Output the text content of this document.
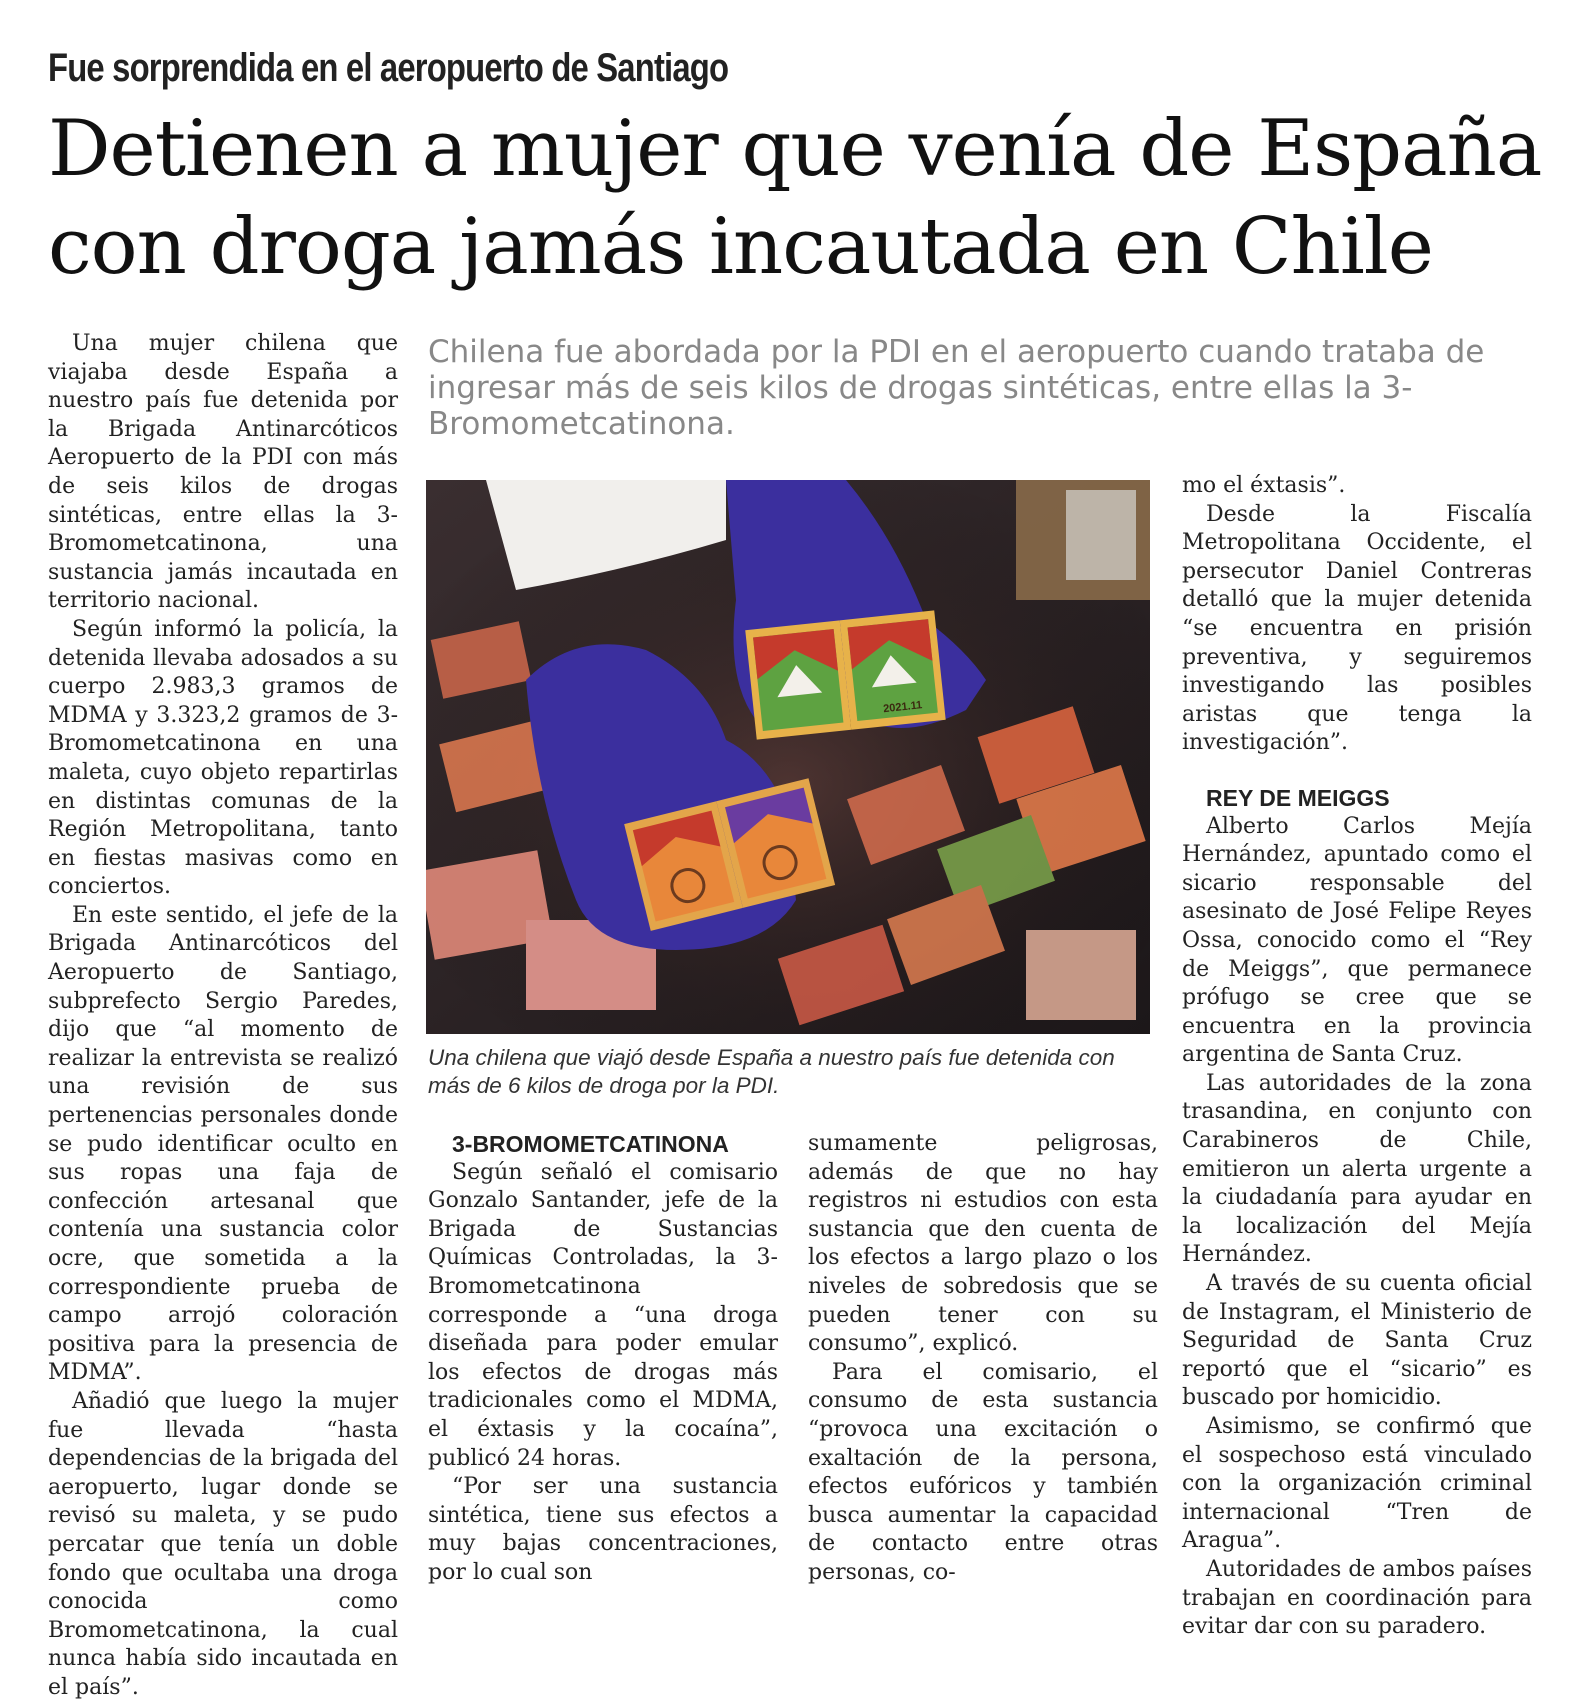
Fue sorprendida en el aeropuerto de Santiago
Detienen a mujer que venía de España
con droga jamás incautada en Chile

Una mujer chilena que viajaba desde España a nuestro país fue detenida por la Brigada Antinarcóticos Aeropuerto de la PDI con más de seis kilos de drogas sintéticas, entre ellas la 3-Bromometcatinona, una sustancia jamás incautada en territorio nacional.

Según informó la policía, la detenida llevaba adosados a su cuerpo 2.983,3 gramos de MDMA y 3.323,2 gramos de 3-Bromometcatinona en una maleta, cuyo objeto repartirlas en distintas comunas de la Región Metropolitana, tanto en fiestas masivas como en conciertos.

En este sentido, el jefe de la Brigada Antinarcóticos del Aeropuerto de Santiago, subprefecto Sergio Paredes, dijo que “al momento de realizar la entrevista se realizó una revisión de sus pertenencias personales donde se pudo identificar oculto en sus ropas una faja de confección artesanal que contenía una sustancia color ocre, que sometida a la correspondiente prueba de campo arrojó coloración positiva para la presencia de MDMA”.

Añadió que luego la mujer fue llevada “hasta dependencias de la brigada del aeropuerto, lugar donde se revisó su maleta, y se pudo percatar que tenía un doble fondo que ocultaba una droga conocida como Bromometcatinona, la cual nunca había sido incautada en el país”.

Chilena fue abordada por la PDI en el aeropuerto cuando trataba de ingresar más de seis kilos de drogas sintéticas, entre ellas la 3-Bromometcatinona.
2021.11
Una chilena que viajó desde España a nuestro país fue detenida con más de 6 kilos de droga por la PDI.

3-BROMOMETCATINONA

Según señaló el comisario Gonzalo Santander, jefe de la Brigada de Sustancias Químicas Controladas, la 3-Bromometcatinona corresponde a “una droga diseñada para poder emular los efectos de drogas más tradicionales como el MDMA, el éxtasis y la cocaína”, publicó 24 horas.

“Por ser una sustancia sintética, tiene sus efectos a muy bajas concentraciones, por lo cual son

sumamente peligrosas, además de que no hay registros ni estudios con esta sustancia que den cuenta de los efectos a largo plazo o los niveles de sobredosis que se pueden tener con su consumo”, explicó.

Para el comisario, el consumo de esta sustancia “provoca una excitación o exaltación de la persona, efectos eufóricos y también busca aumentar la capacidad de contacto entre otras personas, co-

mo el éxtasis”.

Desde la Fiscalía Metropolitana Occidente, el persecutor Daniel Contreras detalló que la mujer detenida “se encuentra en prisión preventiva, y seguiremos investigando las posibles aristas que tenga la investigación”.

REY DE MEIGGS

Alberto Carlos Mejía Hernández, apuntado como el sicario responsable del asesinato de José Felipe Reyes Ossa, conocido como el “Rey de Meiggs”, que permanece prófugo se cree que se encuentra en la provincia argentina de Santa Cruz.

Las autoridades de la zona trasandina, en conjunto con Carabineros de Chile, emitieron un alerta urgente a la ciudadanía para ayudar en la localización del Mejía Hernández.

A través de su cuenta oficial de Instagram, el Ministerio de Seguridad de Santa Cruz reportó que el “sicario” es buscado por homicidio.

Asimismo, se confirmó que el sospechoso está vinculado con la organización criminal internacional “Tren de Aragua”.

Autoridades de ambos países trabajan en coordinación para evitar dar con su paradero.
